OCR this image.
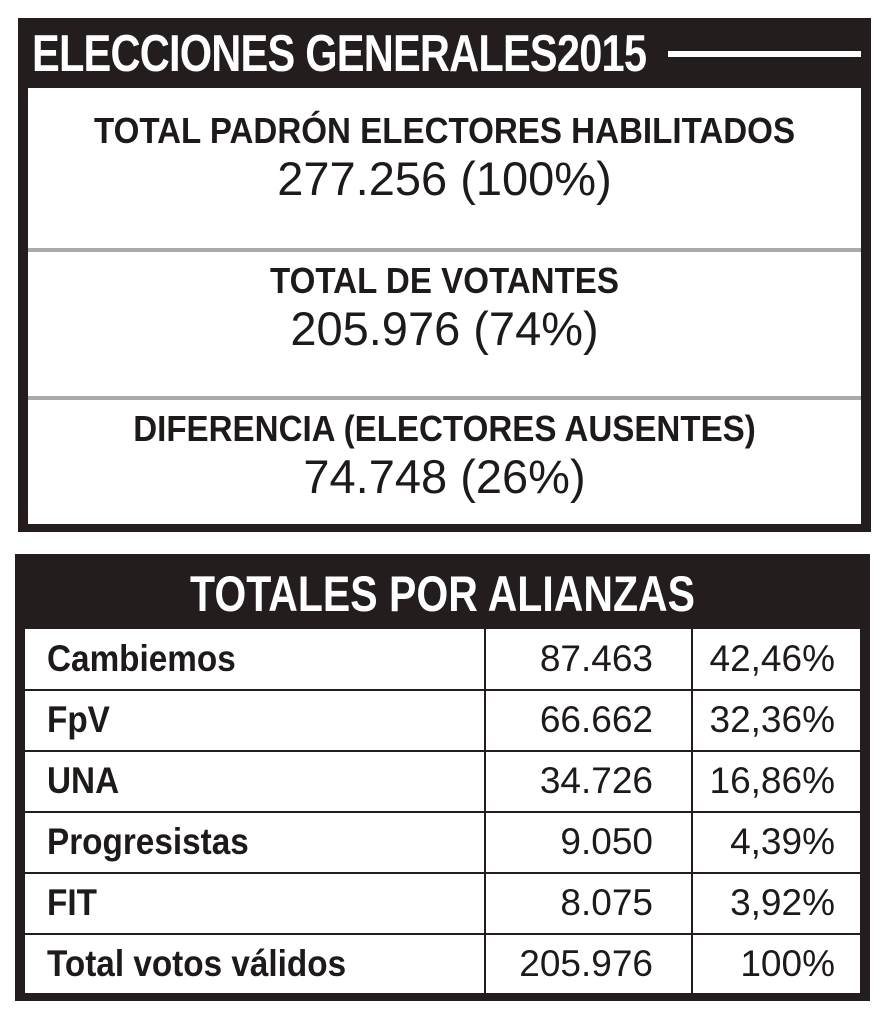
ELECCIONES GENERALES2015
TOTAL PADRÓN ELECTORES HABILITADOS
277.256 (100%)
TOTAL DE VOTANTES
205.976 (74%)
DIFERENCIA (ELECTORES AUSENTES)
74.748 (26%)
TOTALES POR ALIANZAS
Cambiemos	87.463 42,46%
FpV	66.662 32,36%
UNA	34.726 16,86%
Progresistas	9.050 4,39%
FIT	8.075 3,92%
Total votos válidos	205.976 100%
